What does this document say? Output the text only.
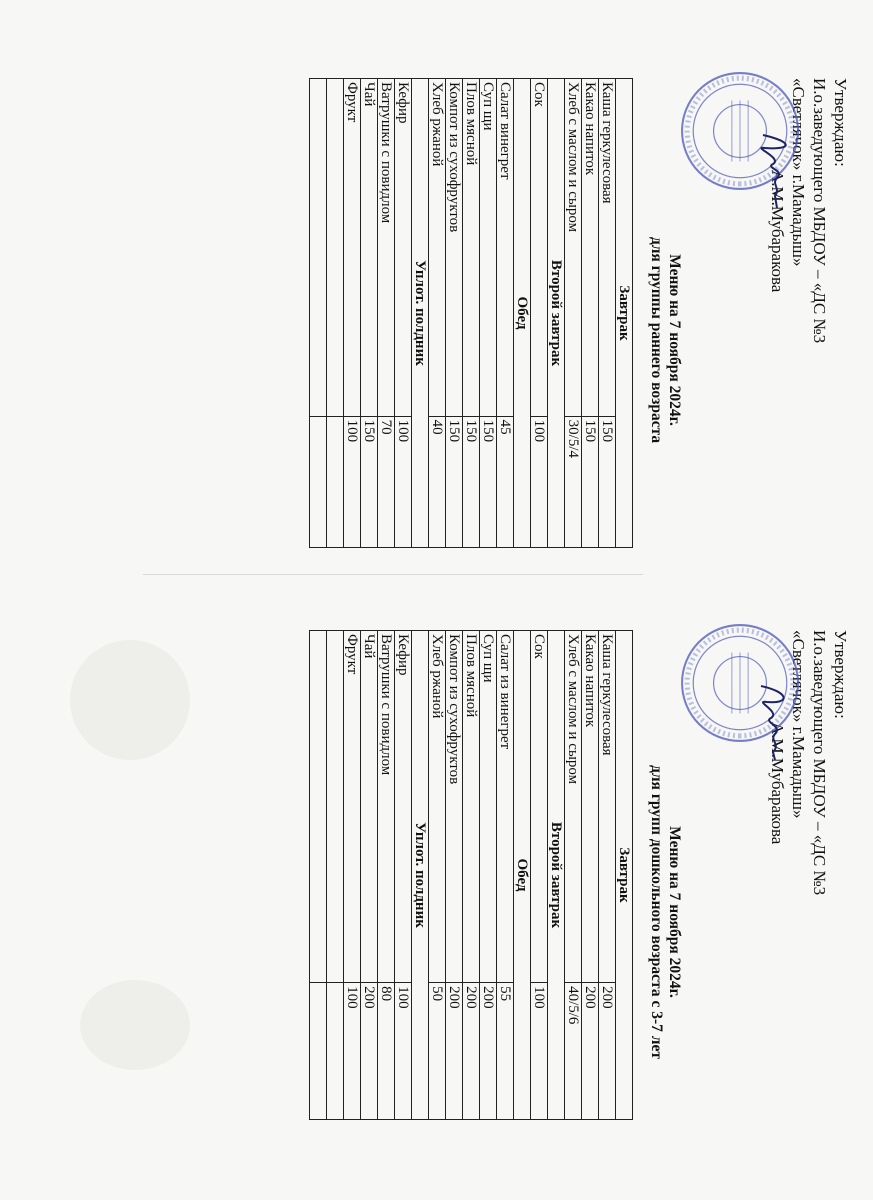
Утверждаю:
И.о.заведующего МБДОУ – «ДС №3
«Светлячок» г.Мамадыш»
А.М.Мубаракова
Меню на 7 ноября 2024г.
для группы раннего возраста
Завтрак	
Каша геркулесовая	150
Какао напиток	150
Хлеб с маслом и сыром	30/5/4
Второй завтрак	
Сок	100
Обед	
Салат винегрет	45
Суп щи	150
Плов мясной	150
Компот из сухофруктов	150
Хлеб ржаной	40
Уплот. полдник	
Кефир	100
Ватрушки с повидлом	70
Чай	150
Фрукт	100

Утверждаю:
И.о.заведующего МБДОУ – «ДС №3
«Светлячок» г.Мамадыш»
А.М.Мубаракова
Меню на 7 ноября 2024г.
для групп дошкольного возраста с 3-7 лет
Завтрак	
Каша геркулесовая	200
Какао напиток	200
Хлеб с маслом и сыром	40/5/6
Второй завтрак	
Сок	100
Обед	
Салат из винегрет	55
Суп щи	200
Плов мясной	200
Компот из сухофруктов	200
Хлеб ржаной	50
Уплот. полдник	
Кефир	100
Ватрушки с повидлом	80
Чай	200
Фрукт	100
